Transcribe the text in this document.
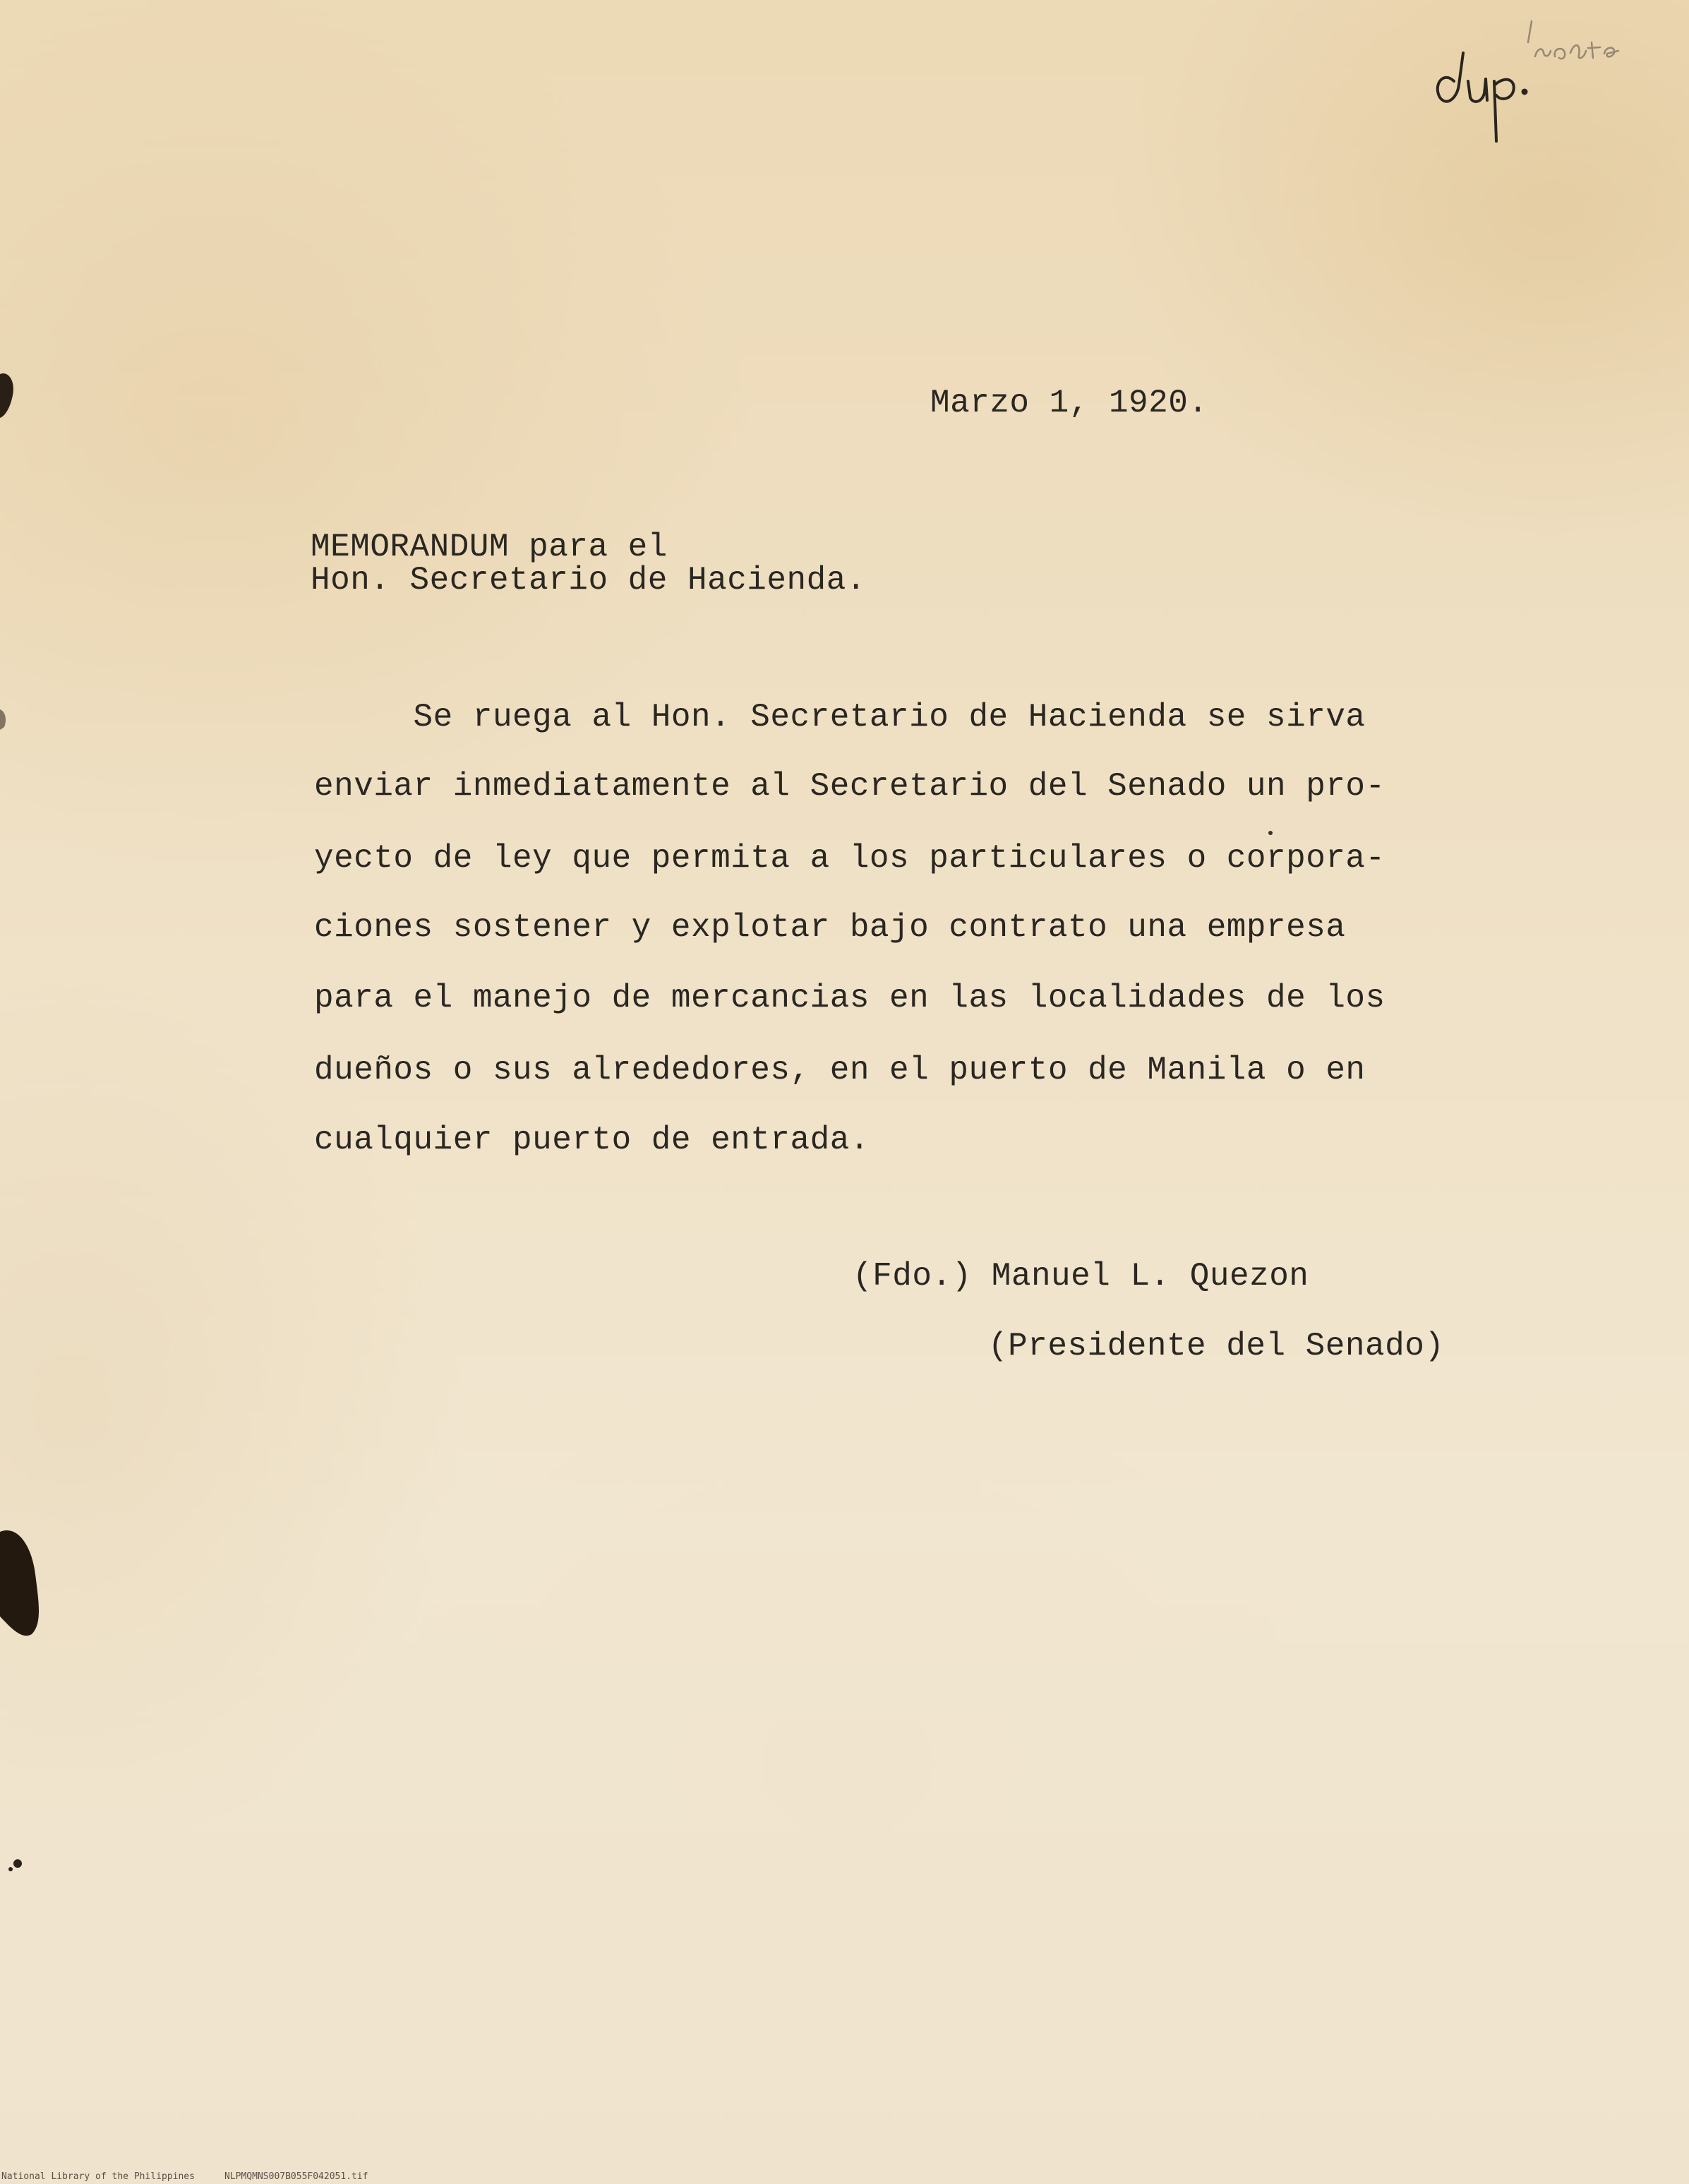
Marzo 1, 1920.
MEMORANDUM para el
Hon. Secretario de Hacienda.
Se ruega al Hon. Secretario de Hacienda se sirva
enviar inmediatamente al Secretario del Senado un pro-
yecto de ley que permita a los particulares o corpora-
ciones sostener y explotar bajo contrato una empresa
para el manejo de mercancias en las localidades de los
dueños o sus alrededores, en el puerto de Manila o en
cualquier puerto de entrada.
(Fdo.) Manuel L. Quezon
(Presidente del Senado)
National Library of the Philippines	NLPMQMNS007B055F042051.tif
